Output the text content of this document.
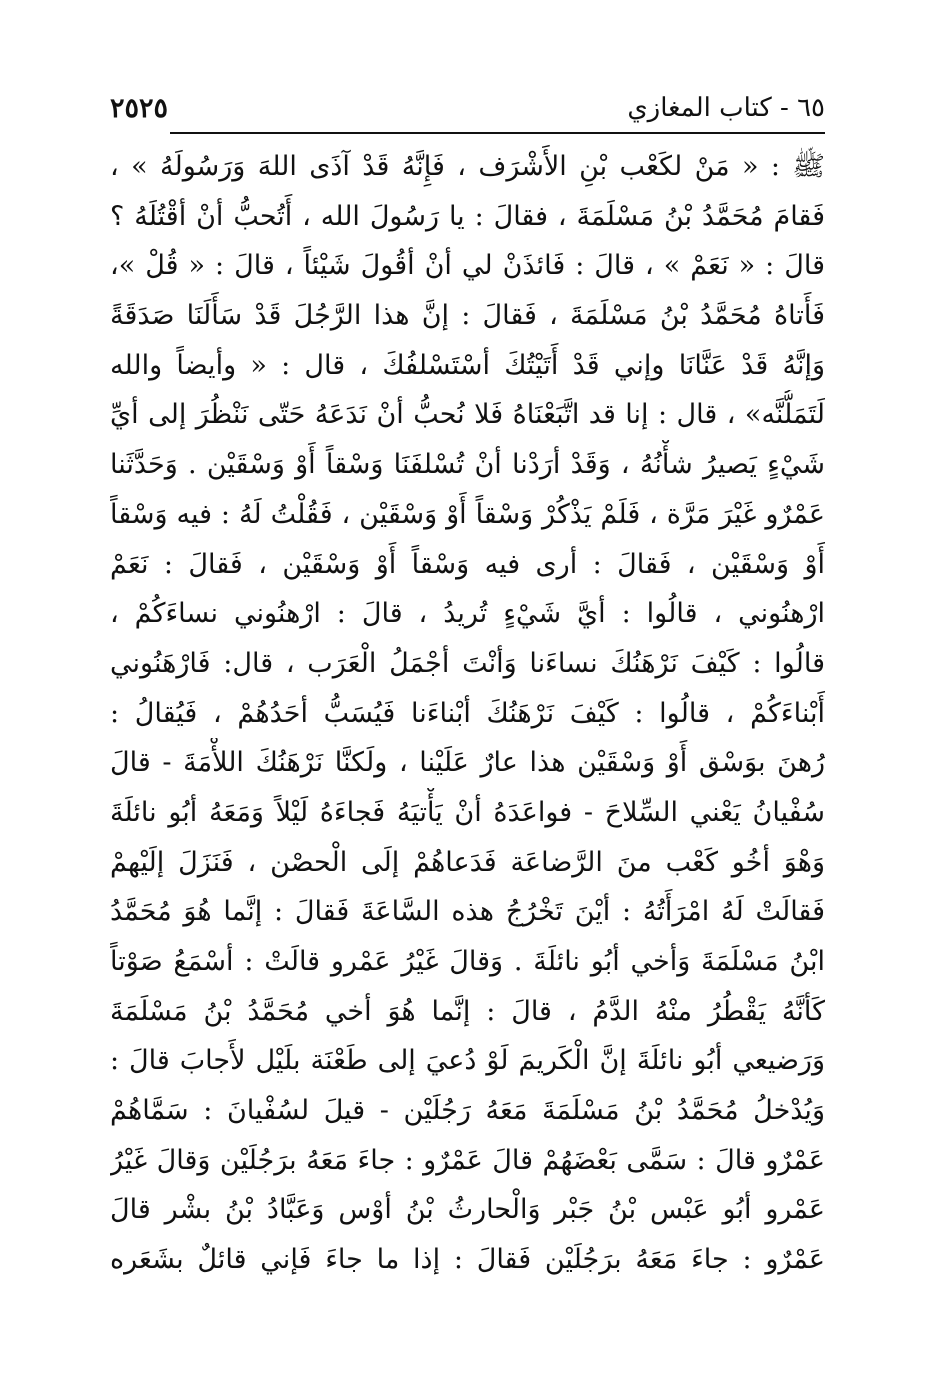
٦٥ - كتاب المغازي
٢٥٢٥
ﷺ : « مَنْ لكَعْب بْنِ الأَشْرَف ، فَإِنَّهُ قَدْ آذَى اللهَ وَرَسُولَهُ » ،
فَقامَ مُحَمَّدُ بْنُ مَسْلَمَةَ ، فقالَ : يا رَسُولَ الله ، أَتُحبُّ أنْ أقْتُلَهُ ؟
قالَ : « نَعَمْ » ، قالَ : فَائذَنْ لي أنْ أقُولَ شَيْئاً ، قالَ : « قُلْ »،
فَأَتاهُ مُحَمَّدُ بْنُ مَسْلَمَةَ ، فَقالَ : إنَّ هذا الرَّجُلَ قَدْ سَأَلَنَا صَدَقَةً
وَإنَّهُ قَدْ عَنَّانَا وإني قَدْ أَتَيْتُكَ أسْتَسْلفُكَ ، قال : « وأيضاً والله
لَتَمَلُّنَّه» ، قال : إنا قد اتَّبَعْنَاهُ فَلا نُحبُّ أنْ نَدَعَهُ حَتّى نَنْظُرَ إلى أيِّ
شَيْءٍ يَصيرُ شأْنُهُ ، وَقَدْ أرَدْنا أنْ تُسْلفَنَا وَسْقاً أَوْ وَسْقَيْن . وَحَدَّثَنا
عَمْرٌو غَيْرَ مَرَّة ، فَلَمْ يَذْكُرْ وَسْقاً أَوْ وَسْقَيْن ، فَقُلْتُ لَهُ : فيه وَسْقاً
أَوْ وَسْقَيْن ، فَقالَ : أرى فيه وَسْقاً أَوْ وَسْقَيْن ، فَقالَ : نَعَمْ
ارْهنُوني ، قالُوا : أيَّ شَيْءٍ تُريدُ ، قالَ : ارْهنُوني نساءَكُمْ ،
قالُوا : كَيْفَ نَرْهَنُكَ نساءَنا وَأنْتَ أجْمَلُ الْعَرَب ، قال: فَارْهَنُوني
أَبْناءَكُمْ ، قالُوا : كَيْفَ نَرْهَنُكَ أبْناءَنا فَيُسَبُّ أحَدُهُمْ ، فَيُقالُ :
رُهنَ بوَسْق أَوْ وَسْقَيْن هذا عارٌ عَلَيْنا ، ولَكنَّا نَرْهَنُكَ اللأْمَةَ - قالَ
سُفْيانُ يَعْني السِّلاحَ - فواعَدَهُ أنْ يَأْتيَهُ فَجاءَهُ لَيْلاً وَمَعَهُ أبُو نائلَةَ
وَهْوَ أخُو كَعْب منَ الرَّضاعَة فَدَعاهُمْ إلَى الْحصْن ، فَنَزَلَ إلَيْهمْ
فَقالَتْ لَهُ امْرَأَتُهُ : أيْنَ تَخْرُجُ هذه السَّاعَةَ فَقالَ : إنَّما هُوَ مُحَمَّدُ
ابْنُ مَسْلَمَةَ وَأخي أبُو نائلَةَ . وَقالَ غَيْرُ عَمْرو قالَتْ : أسْمَعُ صَوْتاً
كَأنَّهُ يَقْطُرُ منْهُ الدَّمُ ، قالَ : إنَّما هُوَ أخي مُحَمَّدُ بْنُ مَسْلَمَةَ
وَرَضيعي أبُو نائلَةَ إنَّ الْكَريمَ لَوْ دُعيَ إلى طَعْنَة بلَيْل لأَجابَ قالَ :
وَيُدْخلُ مُحَمَّدُ بْنُ مَسْلَمَةَ مَعَهُ رَجُلَيْن - قيلَ لسُفْيانَ : سَمَّاهُمْ
عَمْرٌو قالَ : سَمَّى بَعْضَهُمْ قالَ عَمْرٌو : جاءَ مَعَهُ برَجُلَيْن وَقالَ غَيْرُ
عَمْرو أبُو عَبْس بْنُ جَبْر وَالْحارثُ بْنُ أوْس وَعَبَّادُ بْنُ بشْر قالَ
عَمْرٌو : جاءَ مَعَهُ برَجُلَيْن فَقالَ : إذا ما جاءَ فَإني قائلٌ بشَعَره
